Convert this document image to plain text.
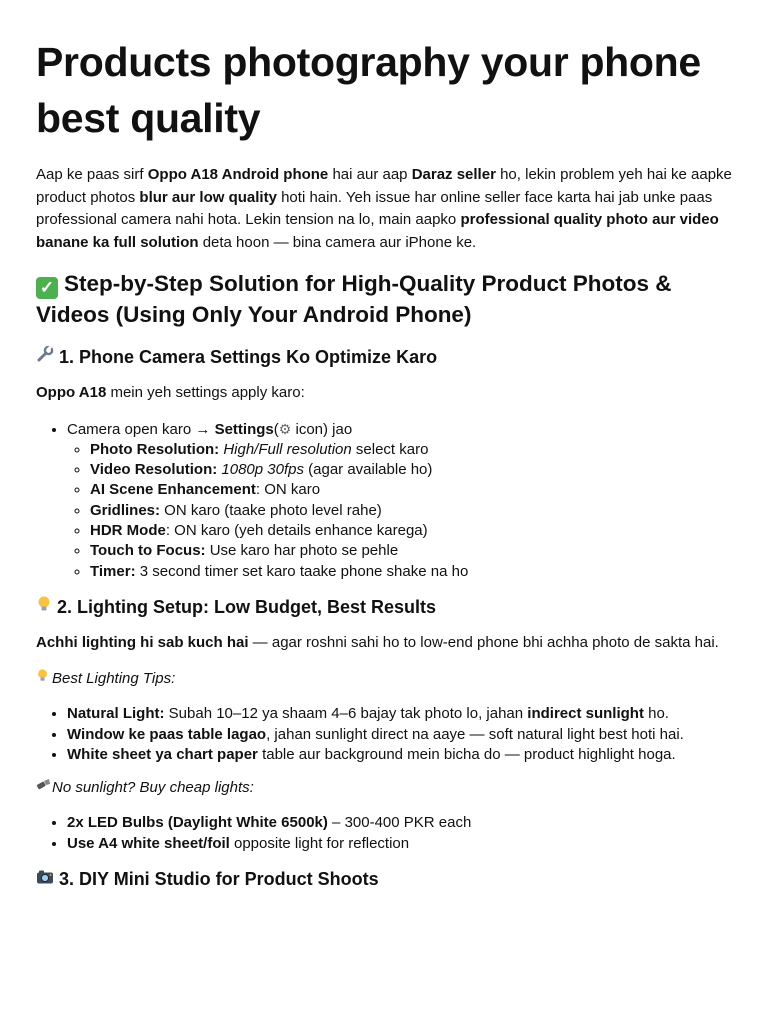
Products photography your phone best quality

Aap ke paas sirf Oppo A18 Android phone hai aur aap Daraz seller ho, lekin problem yeh hai ke aapke product photos blur aur low quality hoti hain. Yeh issue har online seller face karta hai jab unke paas professional camera nahi hota. Lekin tension na lo, main aapko professional quality photo aur video banane ka full solution deta hoon — bina camera aur iPhone ke.

✓ Step-by-Step Solution for High-Quality Product Photos & Videos (Using Only Your Android Phone)
1. Phone Camera Settings Ko Optimize Karo

Oppo A18 mein yeh settings apply karo:

• Camera open karo → Settings(⚙ icon) jao
◦ Photo Resolution: High/Full resolution select karo
◦ Video Resolution: 1080p 30fps (agar available ho)
◦ AI Scene Enhancement: ON karo
◦ Gridlines: ON karo (taake photo level rahe)
◦ HDR Mode: ON karo (yeh details enhance karega)
◦ Touch to Focus: Use karo har photo se pehle
◦ Timer: 3 second timer set karo taake phone shake na ho
2. Lighting Setup: Low Budget, Best Results

Achhi lighting hi sab kuch hai — agar roshni sahi ho to low-end phone bhi achha photo de sakta hai.

Best Lighting Tips:
• Natural Light: Subah 10–12 ya shaam 4–6 bajay tak photo lo, jahan indirect sunlight ho.
• Window ke paas table lagao, jahan sunlight direct na aaye — soft natural light best hoti hai.
• White sheet ya chart paper table aur background mein bicha do — product highlight hoga.
No sunlight? Buy cheap lights:
• 2x LED Bulbs (Daylight White 6500k) – 300-400 PKR each
• Use A4 white sheet/foil opposite light for reflection
3. DIY Mini Studio for Product Shoots
